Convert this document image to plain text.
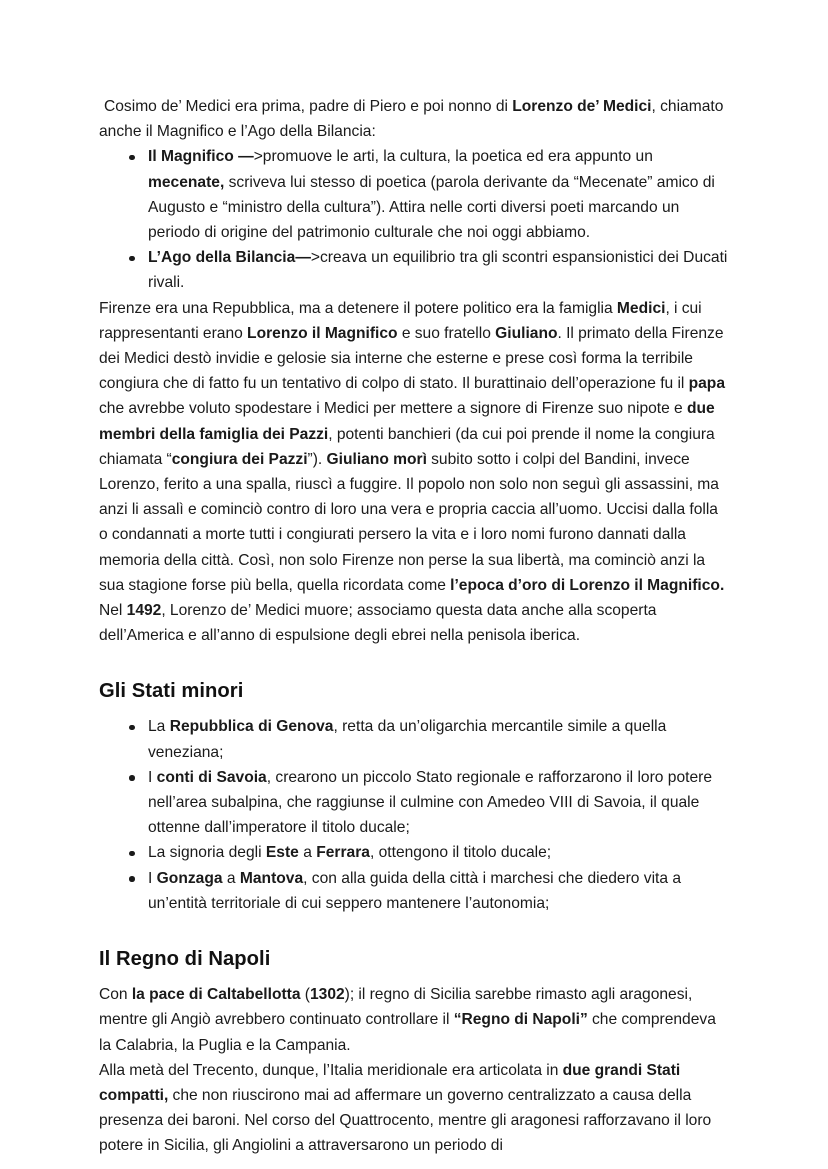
Cosimo de’ Medici era prima, padre di Piero e poi nonno di Lorenzo de’ Medici, chiamato anche il Magnifico e l’Ago della Bilancia:

Il Magnifico —>promuove le arti, la cultura, la poetica ed era appunto un mecenate, scriveva lui stesso di poetica (parola derivante da “Mecenate” amico di Augusto e “ministro della cultura”). Attira nelle corti diversi poeti marcando un periodo di origine del patrimonio culturale che noi oggi abbiamo.
L’Ago della Bilancia—>creava un equilibrio tra gli scontri espansionistici dei Ducati rivali.

Firenze era una Repubblica, ma a detenere il potere politico era la famiglia Medici, i cui rappresentanti erano Lorenzo il Magnifico e suo fratello Giuliano. Il primato della Firenze dei Medici destò invidie e gelosie sia interne che esterne e prese così forma la terribile congiura che di fatto fu un tentativo di colpo di stato. Il burattinaio dell’operazione fu il papa che avrebbe voluto spodestare i Medici per mettere a signore di Firenze suo nipote e due membri della famiglia dei Pazzi, potenti banchieri (da cui poi prende il nome la congiura chiamata “congiura dei Pazzi”). Giuliano morì subito sotto i colpi del Bandini, invece Lorenzo, ferito a una spalla, riuscì a fuggire. Il popolo non solo non seguì gli assassini, ma anzi li assalì e cominciò contro di loro una vera e propria caccia all’uomo. Uccisi dalla folla o condannati a morte tutti i congiurati persero la vita e i loro nomi furono dannati dalla memoria della città. Così, non solo Firenze non perse la sua libertà, ma cominciò anzi la sua stagione forse più bella, quella ricordata come l’epoca d’oro di Lorenzo il Magnifico. Nel 1492, Lorenzo de’ Medici muore; associamo questa data anche alla scoperta dell’America e all’anno di espulsione degli ebrei nella penisola iberica.

Gli Stati minori
La Repubblica di Genova, retta da un’oligarchia mercantile simile a quella veneziana;
I conti di Savoia, crearono un piccolo Stato regionale e rafforzarono il loro potere nell’area subalpina, che raggiunse il culmine con Amedeo VIII di Savoia, il quale ottenne dall’imperatore il titolo ducale;
La signoria degli Este a Ferrara, ottengono il titolo ducale;
I Gonzaga a Mantova, con alla guida della città i marchesi che diedero vita a un’entità territoriale di cui seppero mantenere l’autonomia;
Il Regno di Napoli

Con la pace di Caltabellotta (1302); il regno di Sicilia sarebbe rimasto agli aragonesi, mentre gli Angiò avrebbero continuato controllare il “Regno di Napoli” che comprendeva la Calabria, la Puglia e la Campania.

Alla metà del Trecento, dunque, l’Italia meridionale era articolata in due grandi Stati compatti, che non riuscirono mai ad affermare un governo centralizzato a causa della presenza dei baroni. Nel corso del Quattrocento, mentre gli aragonesi rafforzavano il loro potere in Sicilia, gli Angiolini a attraversarono un periodo di
